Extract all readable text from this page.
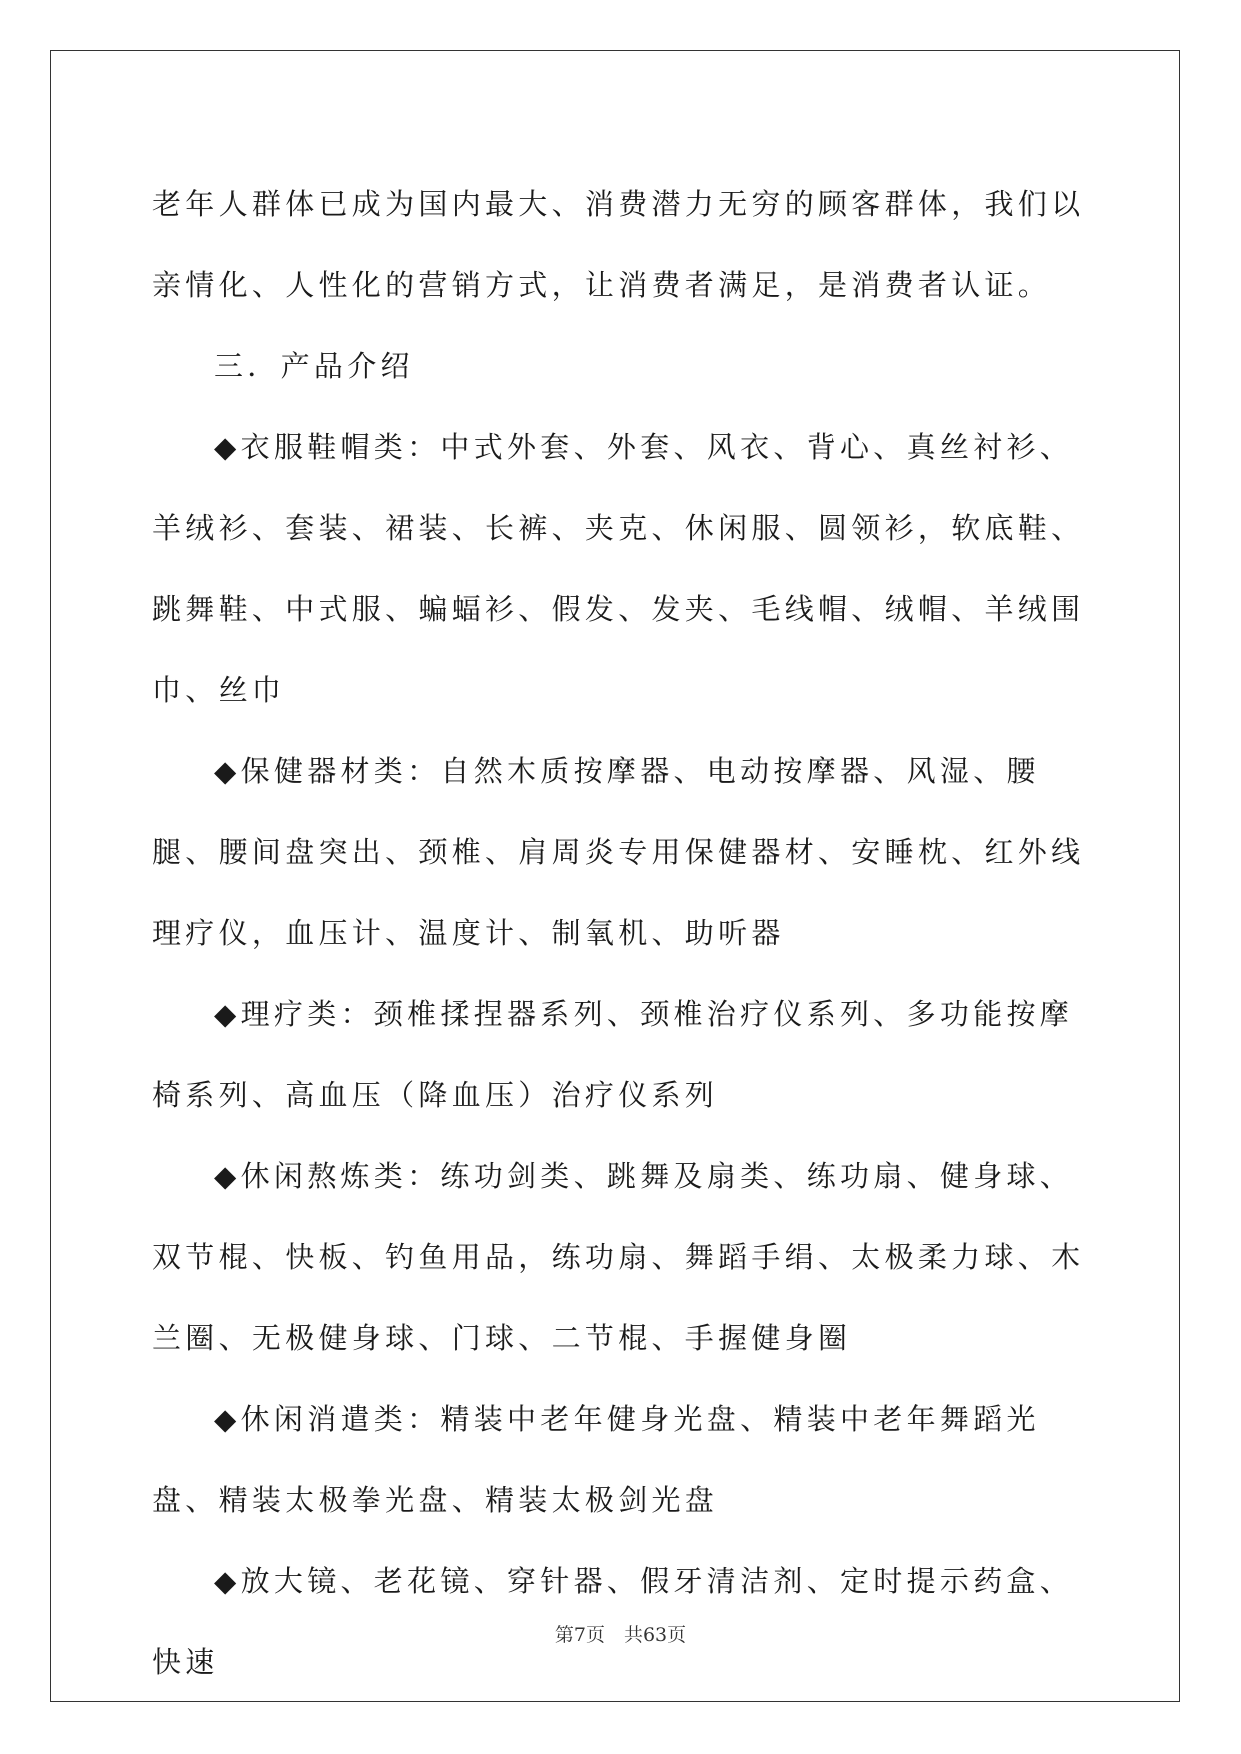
老年人群体已成为国内最大、消费潜力无穷的顾客群体，我们以亲情化、人性化的营销方式，让消费者满足，是消费者认证。

三．产品介绍

◆衣服鞋帽类：中式外套、外套、风衣、背心、真丝衬衫、羊绒衫、套装、裙装、长裤、夹克、休闲服、圆领衫，软底鞋、跳舞鞋、中式服、蝙蝠衫、假发、发夹、毛线帽、绒帽、羊绒围巾、丝巾

◆保健器材类：自然木质按摩器、电动按摩器、风湿、腰腿、腰间盘突出、颈椎、肩周炎专用保健器材、安睡枕、红外线理疗仪，血压计、温度计、制氧机、助听器

◆理疗类：颈椎揉捏器系列、颈椎治疗仪系列、多功能按摩椅系列、高血压（降血压）治疗仪系列

◆休闲熬炼类：练功剑类、跳舞及扇类、练功扇、健身球、双节棍、快板、钓鱼用品，练功扇、舞蹈手绢、太极柔力球、木兰圈、无极健身球、门球、二节棍、手握健身圈

◆休闲消遣类：精装中老年健身光盘、精装中老年舞蹈光盘、精装太极拳光盘、精装太极剑光盘

◆放大镜、老花镜、穿针器、假牙清洁剂、定时提示药盒、快速

第7页　共63页
